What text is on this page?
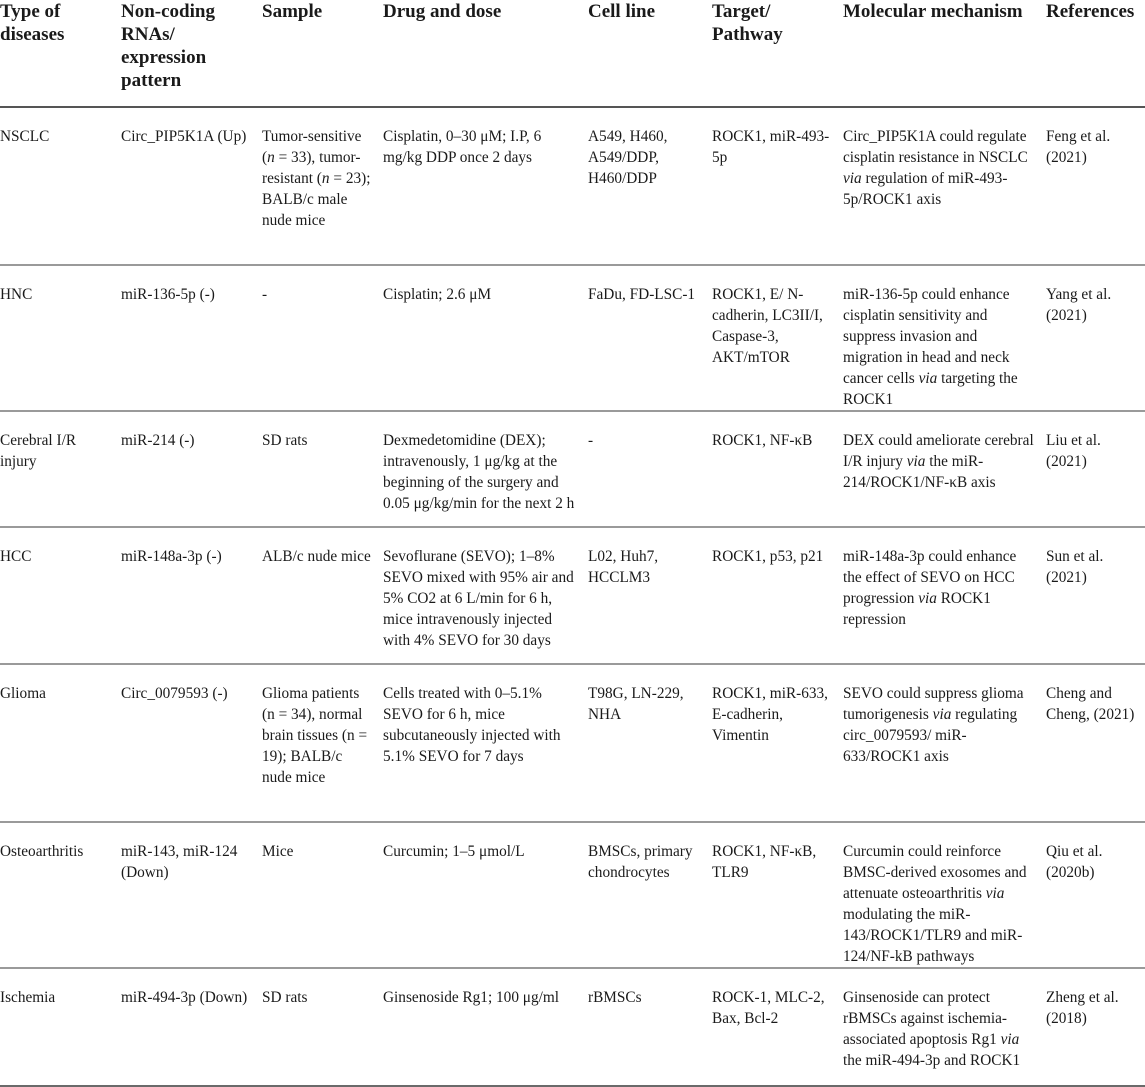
Type of diseases	Non-coding RNAs/ expression pattern	Sample	Drug and dose	Cell line	Target/ Pathway	Molecular mechanism	References
NSCLC	Circ_PIP5K1A (Up)	Tumor-sensitive (n = 33), tumor-resistant (n = 23); BALB/c male nude mice	Cisplatin, 0–30 μM; I.P, 6 mg/kg DDP once 2 days	A549, H460, A549/DDP, H460/DDP	ROCK1, miR-493-5p	Circ_PIP5K1A could regulate cisplatin resistance in NSCLC via regulation of miR-493-5p/ROCK1 axis	Feng et al. (2021)
HNC	miR-136-5p (-)	-	Cisplatin; 2.6 μM	FaDu, FD-LSC-1	ROCK1, E/ N-cadherin, LC3II/I, Caspase-3, AKT/mTOR	miR-136-5p could enhance cisplatin sensitivity and suppress invasion and migration in head and neck cancer cells via targeting the ROCK1	Yang et al. (2021)
Cerebral I/R injury	miR-214 (-)	SD rats	Dexmedetomidine (DEX); intravenously, 1 μg/kg at the beginning of the surgery and 0.05 μg/kg/min for the next 2 h	-	ROCK1, NF-κB	DEX could ameliorate cerebral I/R injury via the miR-214/ROCK1/NF-κB axis	Liu et al. (2021)
HCC	miR-148a-3p (-)	ALB/c nude mice	Sevoflurane (SEVO); 1–8% SEVO mixed with 95% air and 5% CO2 at 6 L/min for 6 h, mice intravenously injected with 4% SEVO for 30 days	L02, Huh7, HCCLM3	ROCK1, p53, p21	miR-148a-3p could enhance the effect of SEVO on HCC progression via ROCK1 repression	Sun et al. (2021)
Glioma	Circ_0079593 (-)	Glioma patients (n = 34), normal brain tissues (n = 19); BALB/c nude mice	Cells treated with 0–5.1% SEVO for 6 h, mice subcutaneously injected with 5.1% SEVO for 7 days	T98G, LN-229, NHA	ROCK1, miR-633, E-cadherin, Vimentin	SEVO could suppress glioma tumorigenesis via regulating circ_0079593/ miR-633/ROCK1 axis	Cheng and Cheng, (2021)
Osteoarthritis	miR-143, miR-124 (Down)	Mice	Curcumin; 1–5 μmol/L	BMSCs, primary chondrocytes	ROCK1, NF-κB, TLR9	Curcumin could reinforce BMSC-derived exosomes and attenuate osteoarthritis via modulating the miR-143/ROCK1/TLR9 and miR-124/NF-kB pathways	Qiu et al. (2020b)
Ischemia	miR-494-3p (Down)	SD rats	Ginsenoside Rg1; 100 μg/ml	rBMSCs	ROCK-1, MLC-2, Bax, Bcl-2	Ginsenoside can protect rBMSCs against ischemia-associated apoptosis Rg1 via the miR-494-3p and ROCK1	Zheng et al. (2018)
